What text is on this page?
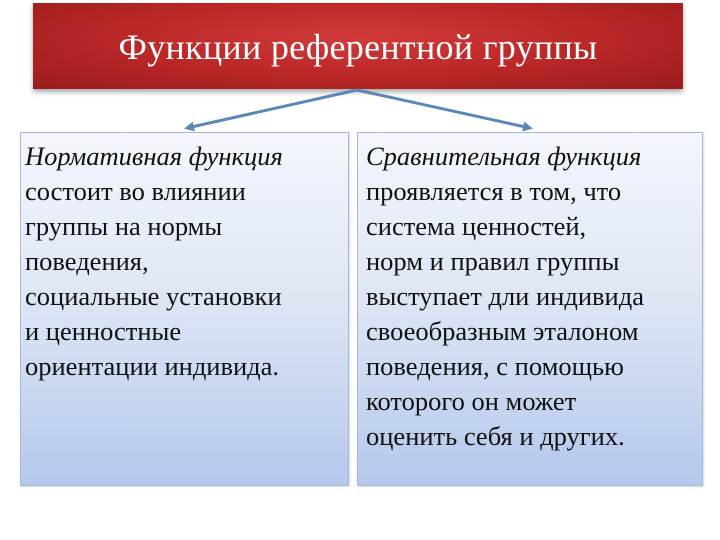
Функции референтной группы
Нормативная функция
состоит во влиянии
группы на нормы
поведения,
социальные установки
и ценностные
ориентации индивида.
Сравнительная функция
проявляется в том, что
система ценностей,
норм и правил группы
выступает дли индивида
своеобразным эталоном
поведения, с помощью
которого он может
оценить себя и других.
